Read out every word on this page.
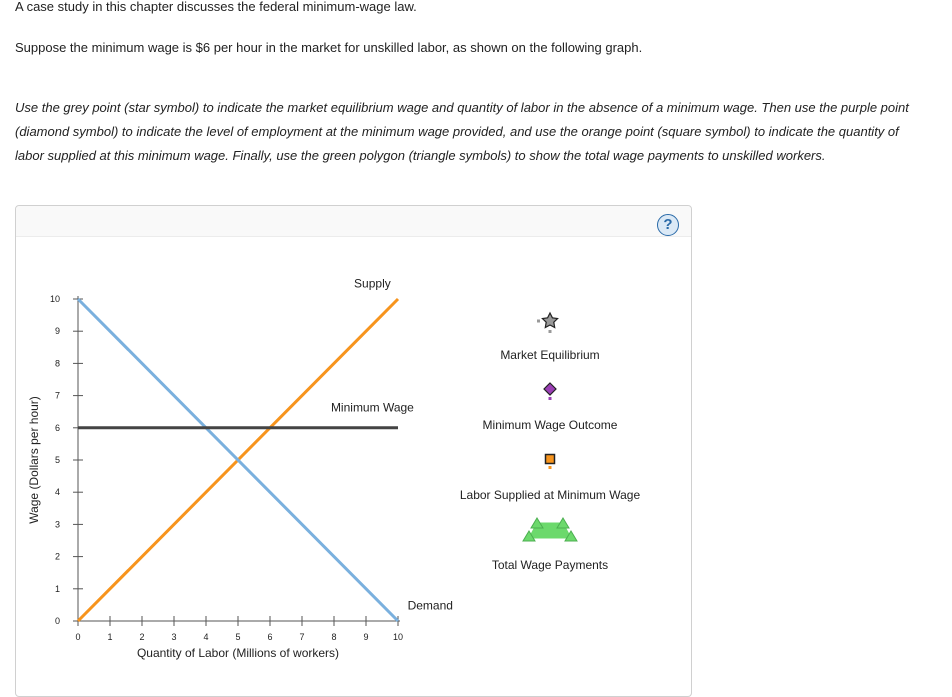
A case study in this chapter discusses the federal minimum-wage law.

Suppose the minimum wage is $6 per hour in the market for unskilled labor, as shown on the following graph.

Use the grey point (star symbol) to indicate the market equilibrium wage and quantity of labor in the absence of a minimum wage. Then use the purple point (diamond symbol) to indicate the level of employment at the minimum wage provided, and use the orange point (square symbol) to indicate the quantity of labor supplied at this minimum wage. Finally, use the green polygon (triangle symbols) to show the total wage payments to unskilled workers.

?
0
1
2
3
4
5
6
7
8
9
10
0	1	2	3	4	5	6	7	8	9	10
Quantity of Labor (Millions of workers)
Wage (Dollars per hour)
Supply
Demand
Minimum Wage
Market Equilibrium
Minimum Wage Outcome
Labor Supplied at Minimum Wage
Total Wage Payments
